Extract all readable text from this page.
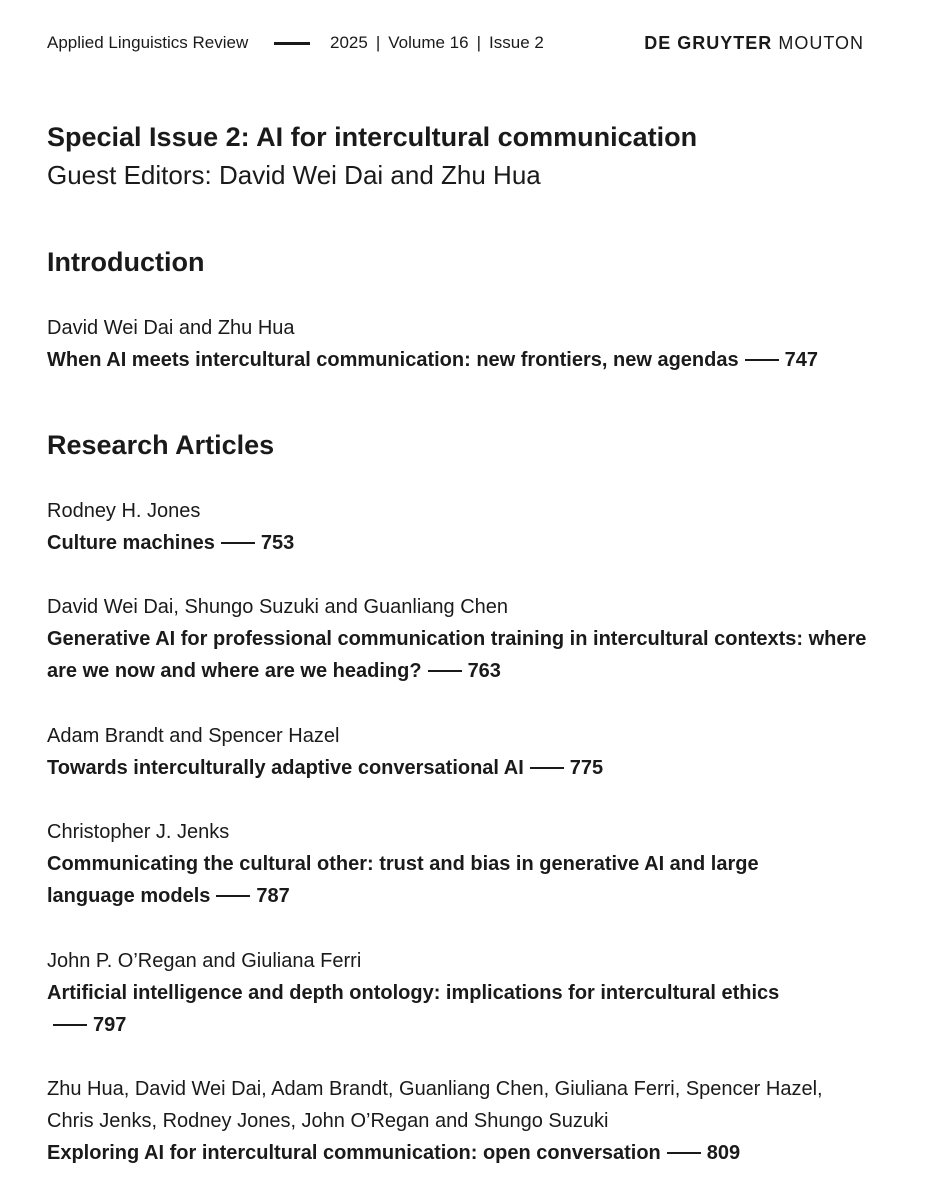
Applied Linguistics Review	2025 | Volume 16 | Issue 2	DE GRUYTER MOUTON
Special Issue 2: AI for intercultural communication
Guest Editors: David Wei Dai and Zhu Hua
Introduction
David Wei Dai and Zhu Hua
When AI meets intercultural communication: new frontiers, new agendas 747
Research Articles
Rodney H. Jones
Culture machines 753
David Wei Dai, Shungo Suzuki and Guanliang Chen
Generative AI for professional communication training in intercultural contexts: where are we now and where are we heading? 763
Adam Brandt and Spencer Hazel
Towards interculturally adaptive conversational AI 775
Christopher J. Jenks
Communicating the cultural other: trust and bias in generative AI and large language models 787
John P. O’Regan and Giuliana Ferri
Artificial intelligence and depth ontology: implications for intercultural ethics797
Zhu Hua, David Wei Dai, Adam Brandt, Guanliang Chen, Giuliana Ferri, Spencer Hazel,
Chris Jenks, Rodney Jones, John O’Regan and Shungo Suzuki
Exploring AI for intercultural communication: open conversation 809
